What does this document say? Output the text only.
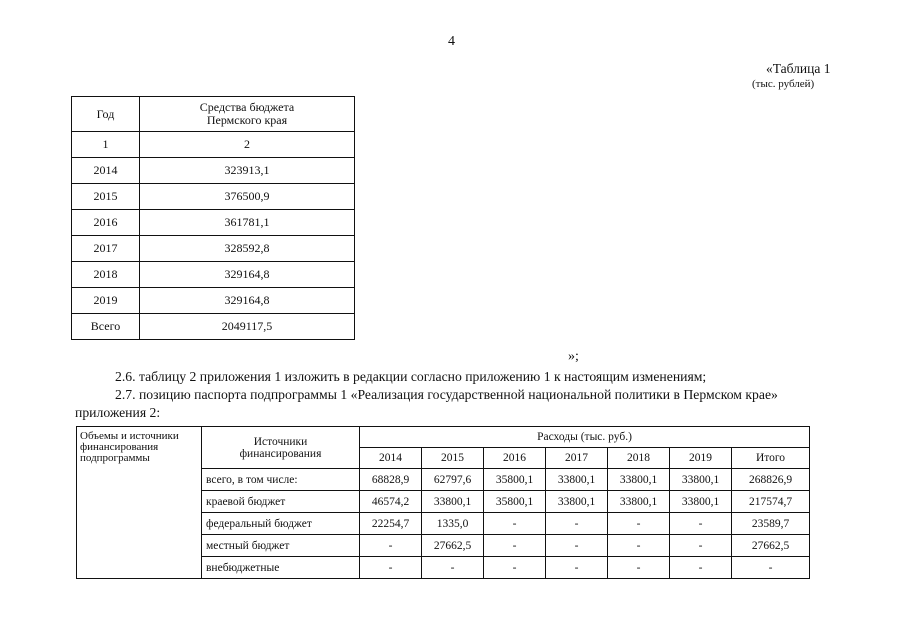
4
«Таблица 1
(тыс. рублей)
Год	Средства бюджета Пермского края
1	2
2014	323913,1
2015	376500,9
2016	361781,1
2017	328592,8
2018	329164,8
2019	329164,8
Всего	2049117,5
»;
2.6. таблицу 2 приложения 1 изложить в редакции согласно приложению 1 к настоящим изменениям;
2.7. позицию паспорта подпрограммы 1 «Реализация государственной национальной политики в Пермском крае»
приложения 2:
Объемы и источники финансирования подпрограммы	Источники финансирования	Расходы (тыс. руб.)						
		2014	2015	2016	2017	2018	2019	Итого
	всего, в том числе:	68828,9	62797,6	35800,1	33800,1	33800,1	33800,1	268826,9
	краевой бюджет	46574,2	33800,1	35800,1	33800,1	33800,1	33800,1	217574,7
	федеральный бюджет	22254,7	1335,0	-	-	-	-	23589,7
	местный бюджет	-	27662,5	-	-	-	-	27662,5
	внебюджетные	-	-	-	-	-	-	-
